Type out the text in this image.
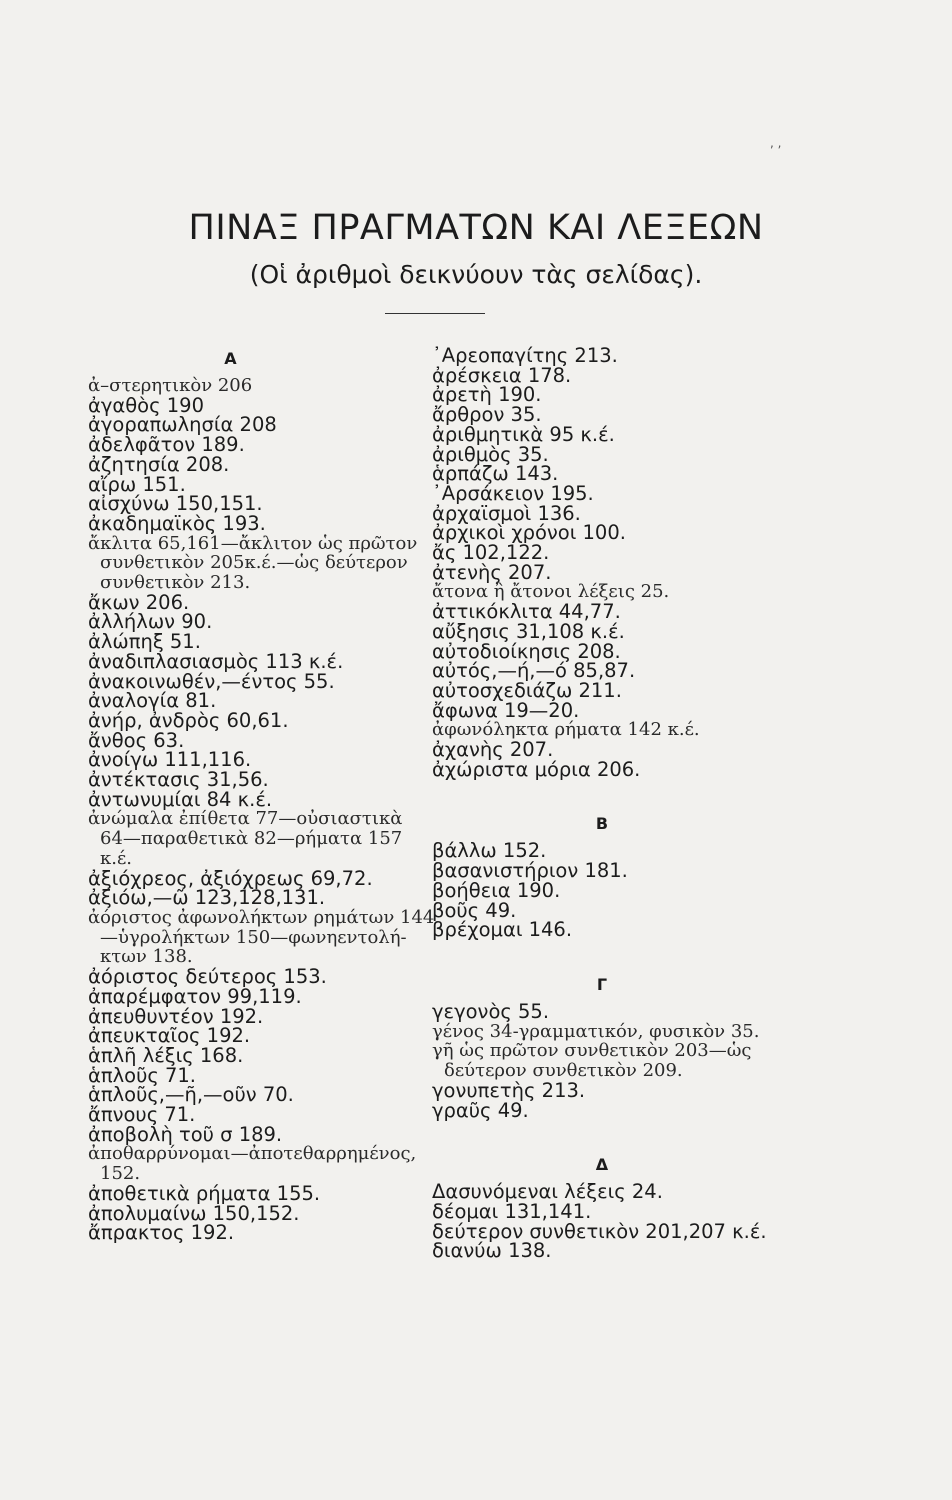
, ,
ΠΙΝΑΞ ΠΡΑΓΜΑΤΩΝ ΚΑΙ ΛΕΞΕΩΝ
(Οἱ ἀριθμοὶ δεικνύουν τὰς σελίδας).
Α
ἀ–στερητικὸν 206
ἀγαθὸς 190
ἀγοραπωλησία 208
ἀδελφᾶτον 189.
ἀζητησία 208.
αἴρω 151.
αἰσχύνω 150,151.
ἀκαδημαϊκὸς 193.
ἄκλιτα 65,161—ἄκλιτον ὡς πρῶτον
συνθετικὸν 205κ.έ.—ὡς δεύτερον
συνθετικὸν 213.
ἄκων 206.
ἀλλήλων 90.
ἀλώπηξ 51.
ἀναδιπλασιασμὸς 113 κ.έ.
ἀνακοινωθέν,—έντος 55.
ἀναλογία 81.
ἀνήρ, ἀνδρὸς 60,61.
ἄνθος 63.
ἀνοίγω 111,116.
ἀντέκτασις 31,56.
ἀντωνυμίαι 84 κ.έ.
ἀνώμαλα ἐπίθετα 77—οὐσιαστικὰ
64—παραθετικὰ 82—ρήματα 157
κ.έ.
ἀξιόχρεος, ἀξιόχρεως 69,72.
ἀξιόω,—ῶ 123,128,131.
ἀόριστος ἀφωνολήκτων ρημάτων 144
—ὑγρολήκτων 150—φωνηεντολή-
κτων 138.
ἀόριστος δεύτερος 153.
ἀπαρέμφατον 99,119.
ἀπευθυντέον 192.
ἀπευκταῖος 192.
ἁπλῆ λέξις 168.
ἁπλοῦς 71.
ἁπλοῦς,—ῆ,—οῦν 70.
ἄπνους 71.
ἀποβολὴ τοῦ σ 189.
ἀποθαρρύνομαι—ἀποτεθαρρημένος,
152.
ἀποθετικὰ ρήματα 155.
ἀπολυμαίνω 150,152.
ἄπρακτος 192.
᾿Αρεοπαγίτης 213.
ἀρέσκεια 178.
ἀρετὴ 190.
ἄρθρον 35.
ἀριθμητικὰ 95 κ.έ.
ἀριθμὸς 35.
ἁρπάζω 143.
᾿Αρσάκειον 195.
ἀρχαϊσμοὶ 136.
ἀρχικοὶ χρόνοι 100.
ἄς 102,122.
ἀτενὴς 207.
ἄτονα ἢ ἄτονοι λέξεις 25.
ἀττικόκλιτα 44,77.
αὔξησις 31,108 κ.έ.
αὐτοδιοίκησις 208.
αὐτός,—ή,—ό 85,87.
αὐτοσχεδιάζω 211.
ἄφωνα 19—20.
ἀφωνόληκτα ρήματα 142 κ.έ.
ἀχανὴς 207.
ἀχώριστα μόρια 206.
Β
βάλλω 152.
βασανιστήριον 181.
βοήθεια 190.
βοῦς 49.
βρέχομαι 146.
Γ
γεγονὸς 55.
γένος 34-γραμματικόν, φυσικὸν 35.
γῆ ὡς πρῶτον συνθετικὸν 203—ὡς
δεύτερον συνθετικὸν 209.
γονυπετὴς 213.
γραῦς 49.
Δ
Δασυνόμεναι λέξεις 24.
δέομαι 131,141.
δεύτερον συνθετικὸν 201,207 κ.έ.
διανύω 138.
